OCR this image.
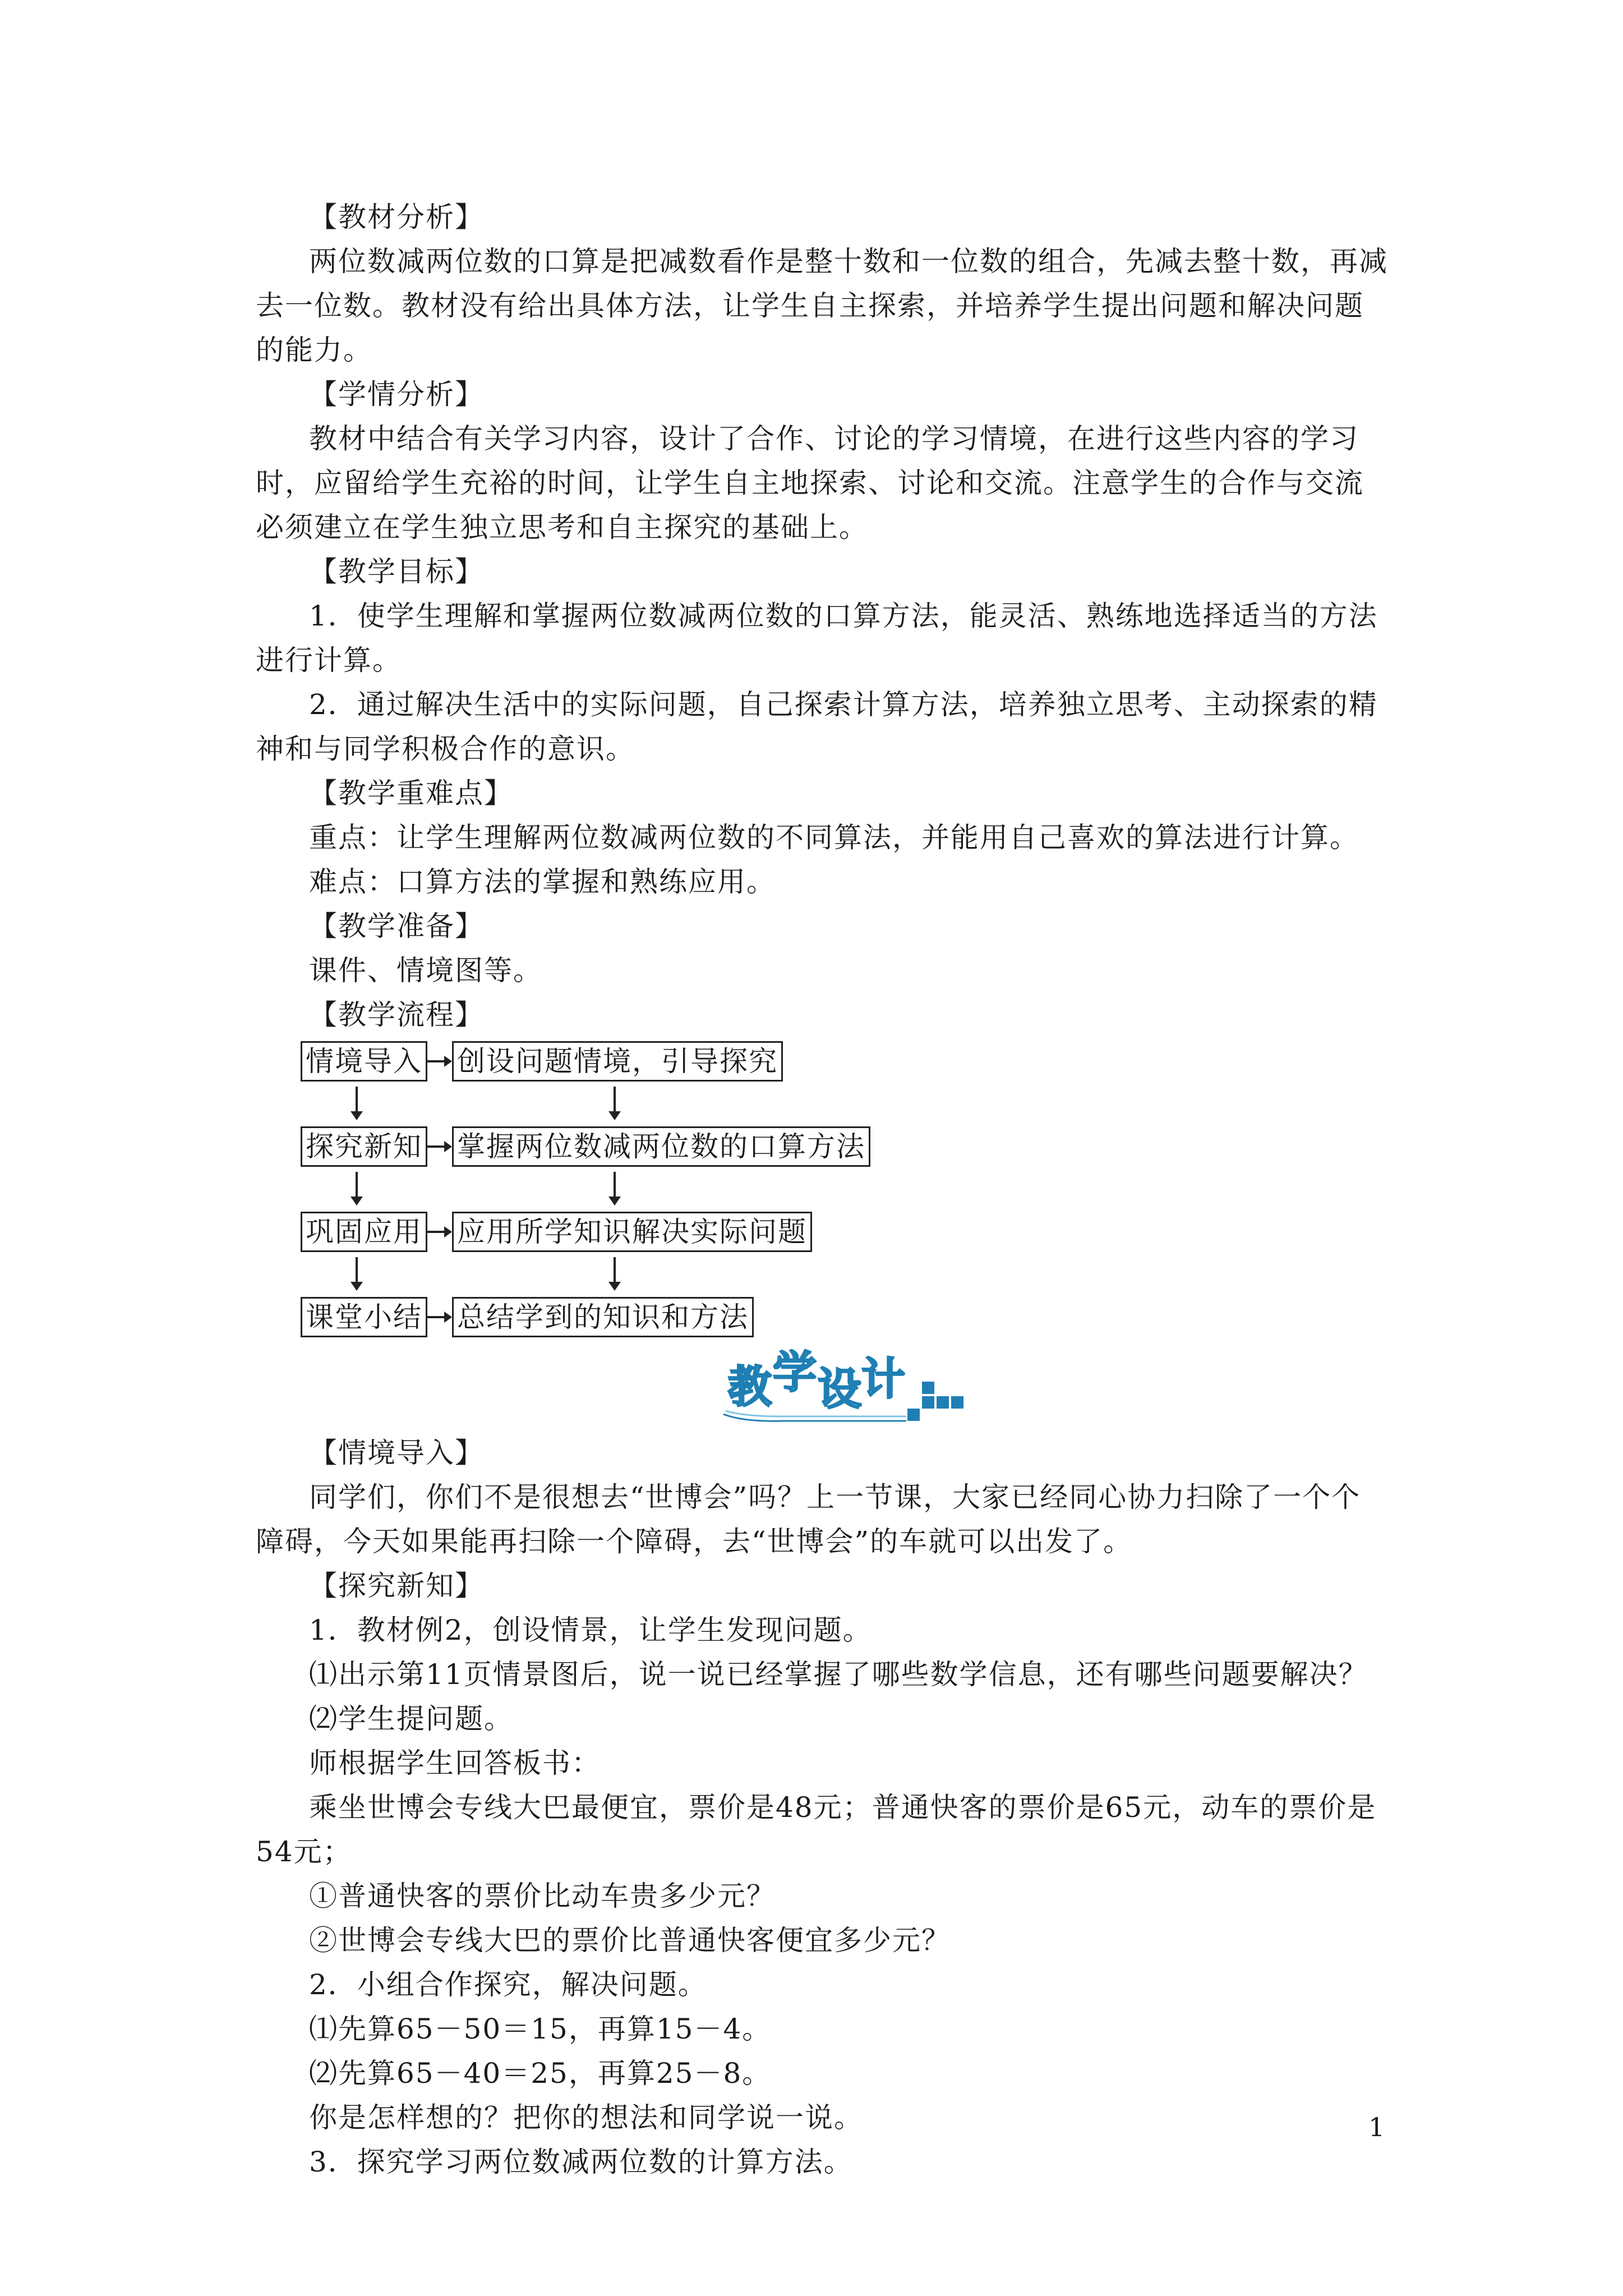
【教材分析】

两位数减两位数的口算是把减数看作是整十数和一位数的组合，先减去整十数，再减去一位数。教材没有给出具体方法，让学生自主探索，并培养学生提出问题和解决问题的能力。

【学情分析】

教材中结合有关学习内容，设计了合作、讨论的学习情境，在进行这些内容的学习时，应留给学生充裕的时间，让学生自主地探索、讨论和交流。注意学生的合作与交流必须建立在学生独立思考和自主探究的基础上。

【教学目标】

1．使学生理解和掌握两位数减两位数的口算方法，能灵活、熟练地选择适当的方法进行计算。

2．通过解决生活中的实际问题，自己探索计算方法，培养独立思考、主动探索的精神和与同学积极合作的意识。

【教学重难点】

重点：让学生理解两位数减两位数的不同算法，并能用自己喜欢的算法进行计算。

难点：口算方法的掌握和熟练应用。

【教学准备】

课件、情境图等。

【教学流程】

情境导入 创设问题情境，引导探究
探究新知 掌握两位数减两位数的口算方法
巩固应用 应用所学知识解决实际问题
课堂小结 总结学到的知识和方法
教 学 设 计

【情境导入】

同学们，你们不是很想去“世博会”吗？上一节课，大家已经同心协力扫除了一个个障碍，今天如果能再扫除一个障碍，去“世博会”的车就可以出发了。

【探究新知】

1．教材例2，创设情景，让学生发现问题。

⑴出示第11页情景图后，说一说已经掌握了哪些数学信息，还有哪些问题要解决？

⑵学生提问题。

师根据学生回答板书：

乘坐世博会专线大巴最便宜，票价是48元；普通快客的票价是65元，动车的票价是54元；

①普通快客的票价比动车贵多少元？

②世博会专线大巴的票价比普通快客便宜多少元？

2．小组合作探究，解决问题。

⑴先算65－50＝15，再算15－4。

⑵先算65－40＝25，再算25－8。

你是怎样想的？把你的想法和同学说一说。

3．探究学习两位数减两位数的计算方法。

1
